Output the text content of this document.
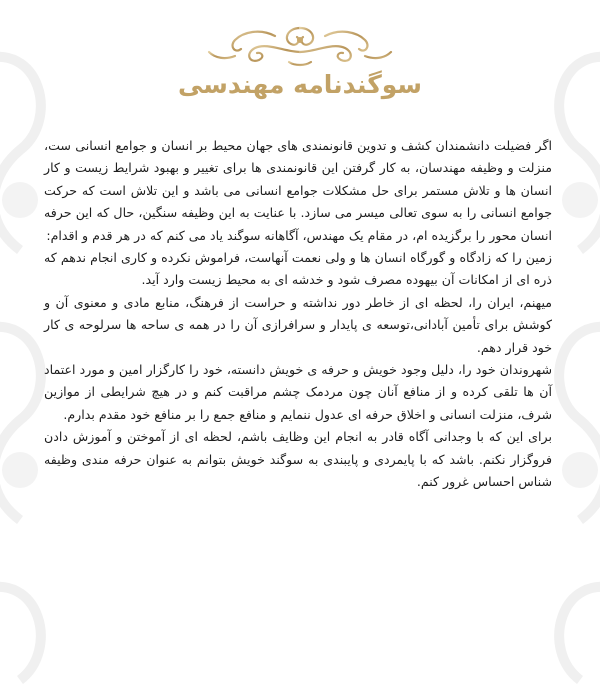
سوگندنامه مهندسی

اگر فضیلت دانشمندان کشف و تدوین قانونمندی های جهان محیط بر انسان و جوامع انسانی ست، منزلت و وظیفه مهندسان، به کار گرفتن این قانونمندی ها برای تغییر و بهبود شرایط زیست و کار انسان ها و تلاش مستمر برای حل مشکلات جوامع انسانی می باشد و این تلاش است که حرکت جوامع انسانی را به سوی تعالی میسر می سازد. با عنایت به این وظیفه سنگین، حال که این حرفه انسان محور را برگزیده ام، در مقام یک مهندس، آگاهانه سوگند یاد می کنم که در هر قدم و اقدام:

زمین را که زادگاه و گورگاه انسان ها و ولی نعمت آنهاست، فراموش نکرده و کاری انجام ندهم که ذره ای از امکانات آن بیهوده مصرف شود و خدشه ای به محیط زیست وارد آید.

میهنم، ایران را، لحظه ای از خاطر دور نداشته و حراست از فرهنگ، منابع مادی و معنوی آن و کوشش برای تأمین آبادانی،توسعه ی پایدار و سرافرازی آن را در همه ی ساحه ها سرلوحه ی کار خود قرار دهم.

شهروندان خود را، دلیل وجود خویش و حرفه ی خویش دانسته، خود را کارگزار امین و مورد اعتماد آن ها تلقی کرده و از منافع آنان چون مردمک چشم مراقبت کنم و در هیچ شرایطی از موازین شرف، منزلت انسانی و اخلاق حرفه ای عدول ننمایم و منافع جمع را بر منافع خود مقدم بدارم.

برای این که با وجدانی آگاه قادر به انجام این وظایف باشم، لحظه ای از آموختن و آموزش دادن فروگزار نکنم. باشد که با پایمردی و پایبندی به سوگند خویش بتوانم به عنوان حرفه مندی وظیفه شناس احساس غرور کنم.
